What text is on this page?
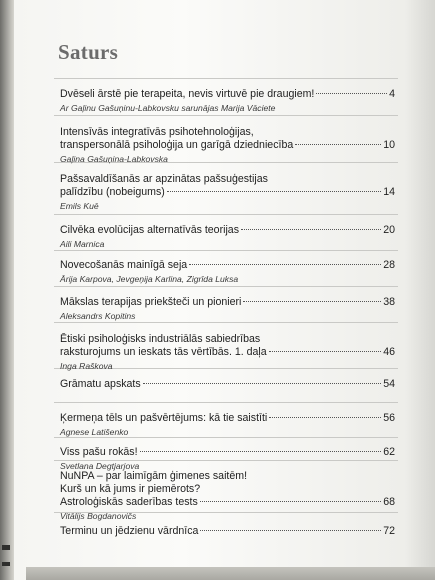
Saturs
Dvēseli ārstē pie terapeita, nevis virtuvē pie draugiem!	4
Ar Gaļinu Gašuņinu-Labkovsku sarunājas Marija Vāciete
Intensīvās integratīvās psihotehnoloģijas,
transpersonālā psiholoģija un garīgā dziedniecība	10
Gaļina Gašuņina-Labkovska
Pašsavaldīšanās ar apzinātas pašsuģestijas
palīdzību (nobeigums)	14
Emils Kuē
Cilvēka evolūcijas alternatīvās teorijas	20
Aili Marnica
Novecošanās mainīgā seja	28
Ārija Karpova, Jevgeņija Karlina, Zigrīda Luksa
Mākslas terapijas priekšteči un pionieri	38
Aleksandrs Kopitins
Ētiski psiholoģisks industriālās sabiedrības
raksturojums un ieskats tās vērtībās. 1. daļa	46
Inga Raškova
Grāmatu apskats	54
Ķermeņa tēls un pašvērtējums: kā tie saistīti	56
Agnese Latišenko
Viss pašu rokās!	62
Svetlana Degtjarjova
NuNPA – par laimīgām ģimenes saitēm!
Kurš un kā jums ir piemērots?
Astroloģiskās saderības tests	68
Vitālijs Bogdanovičs
Terminu un jēdzienu vārdnīca	72
